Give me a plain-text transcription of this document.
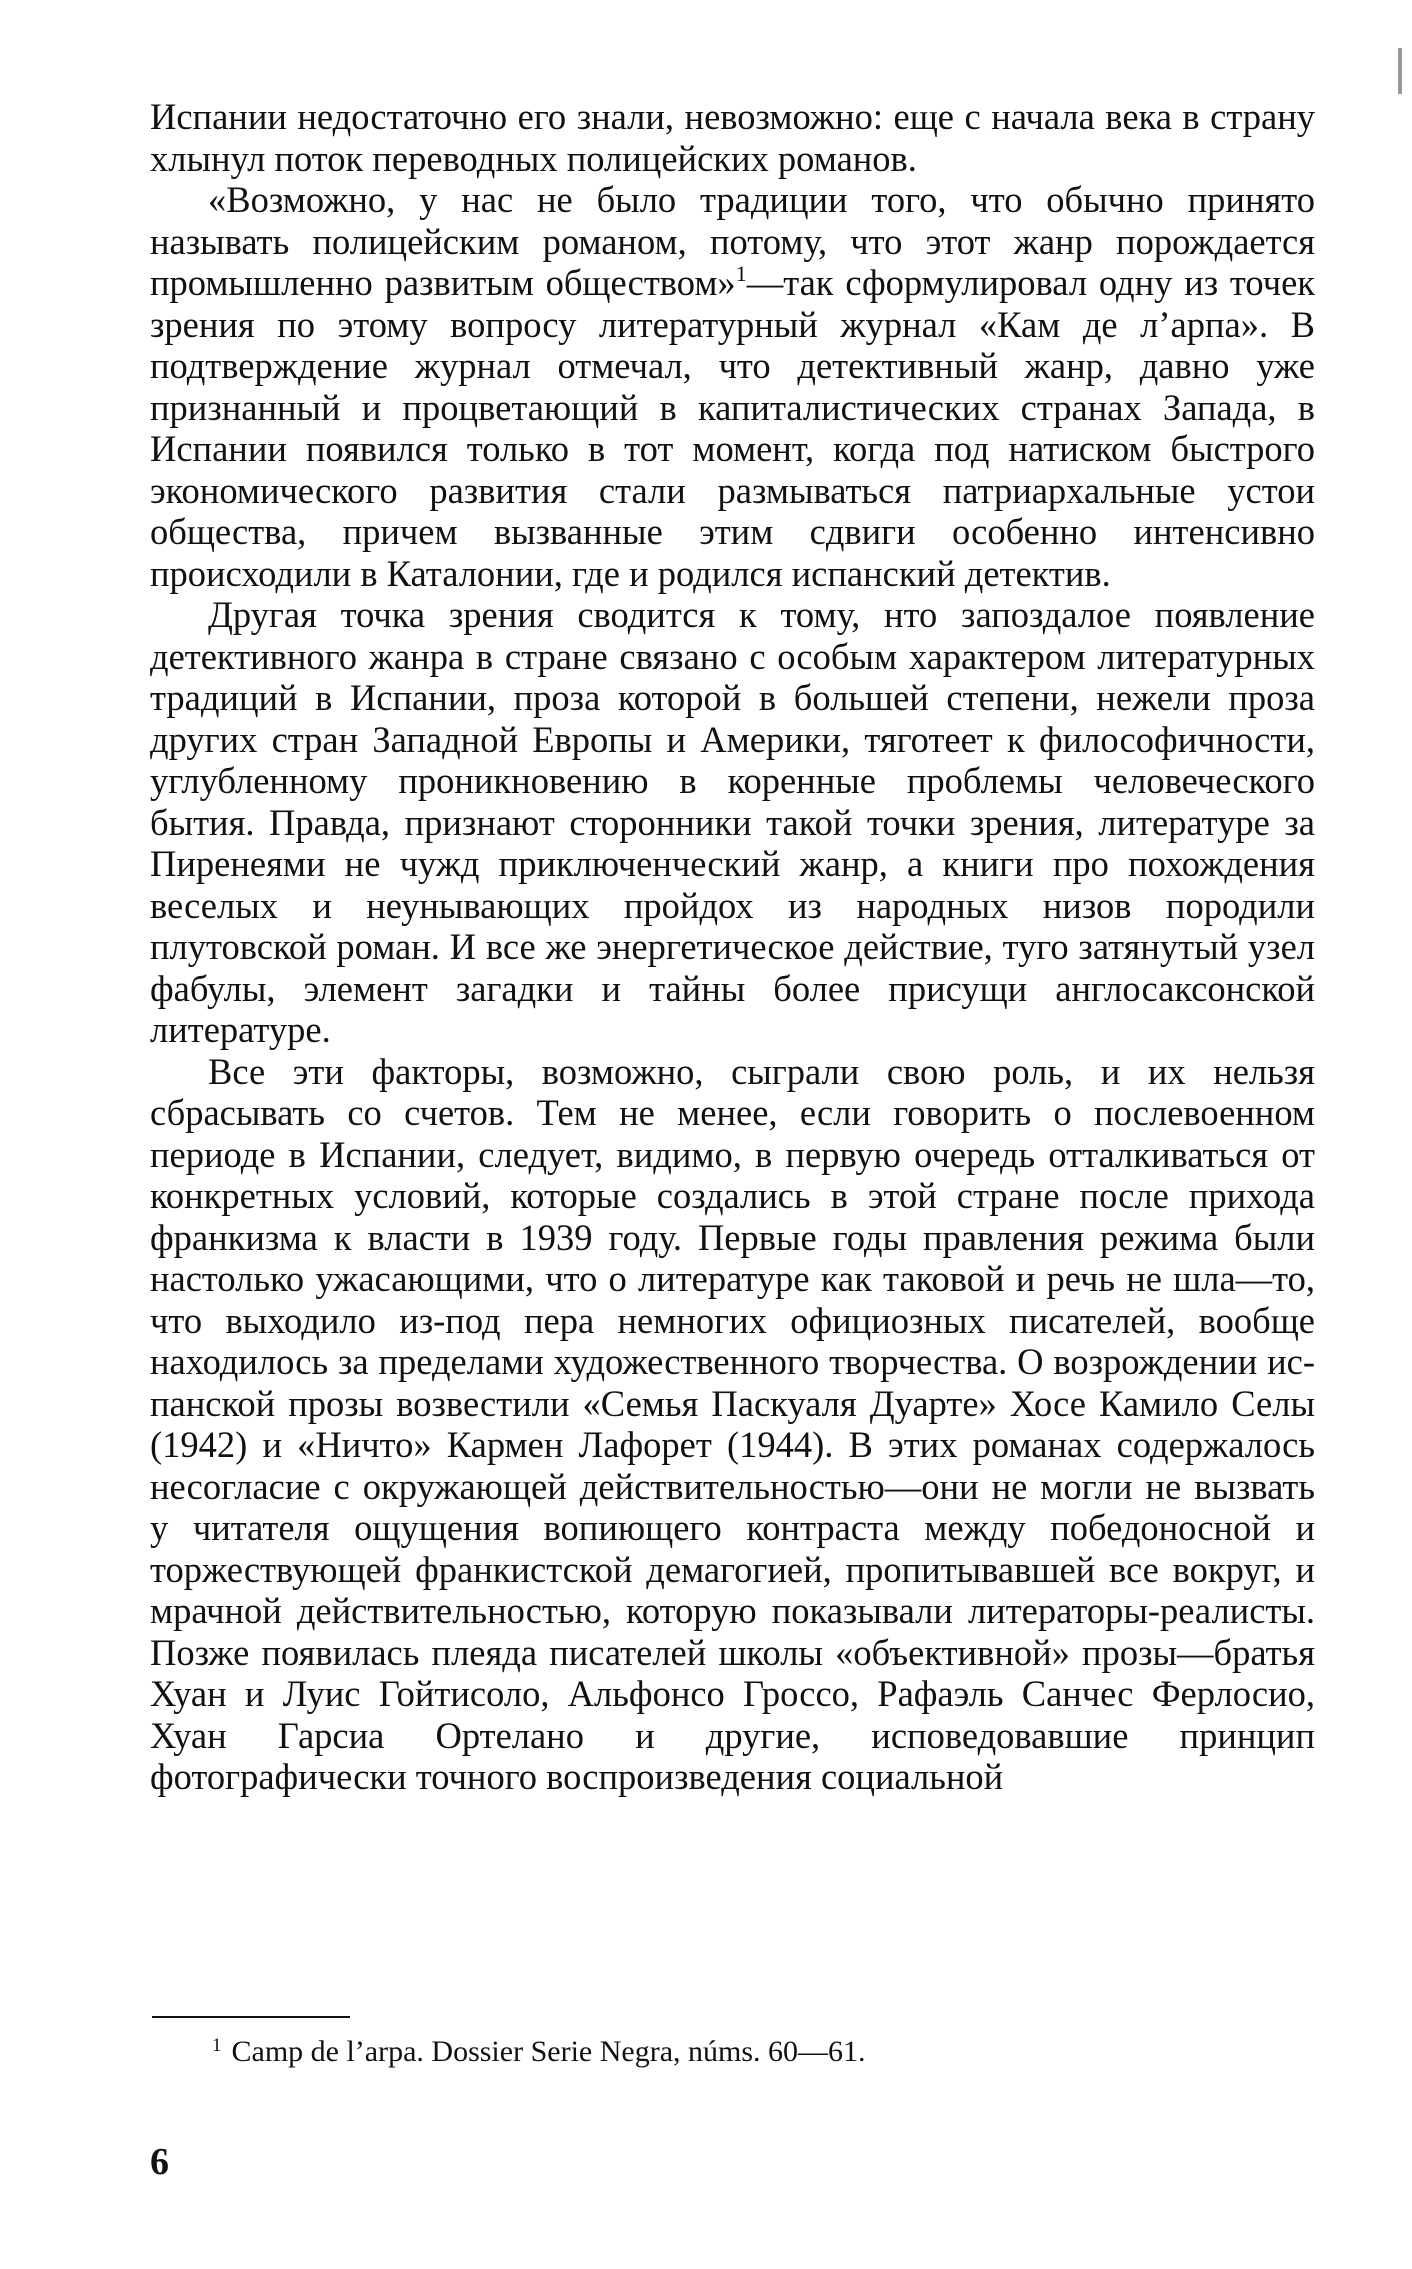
Испании недостаточно его знали, невозможно: еще с начала века в страну хлынул поток переводных полицейских романов.

«Возможно, у нас не было традиции того, что обычно принято называть полицейским романом, потому, что этот жанр порождается промышленно развитым обществом»$^1$—так сформулировал одну из точек зрения по этому вопросу литературный журнал «Кам де л’арпа». В подтверждение журнал отмечал, что детективный жанр, давно уже признанный и процветающий в капиталистических странах Запада, в Испании появился только в тот момент, когда под натиском быстрого экономического развития стали размываться патриархальные устои общества, причем вызванные этим сдвиги особенно интенсивно происходили в Каталонии, где и родился испанский детектив.

Другая точка зрения сводится к тому, нто запоздалое появление детективного жанра в стране связано с особым характером литературных традиций в Испании, проза которой в большей степени, нежели проза других стран Западной Европы и Америки, тяготеет к философичности, углубленному проникновению в коренные проблемы человеческого бытия. Правда, признают сторонники такой точки зрения, литературе за Пиренеями не чужд приключенческий жанр, а книги про похождения веселых и неунывающих пройдох из народных низов породили плутовской роман. И все же энергетическое действие, туго затянутый узел фабулы, элемент загадки и тайны более присущи англосаксонской литературе.

Все эти факторы, возможно, сыграли свою роль, и их нельзя сбрасывать со счетов. Тем не менее, если говорить о послевоенном периоде в Испании, следует, видимо, в первую очередь отталкиваться от конкретных условий, которые создались в этой стране после прихода франкизма к власти в 1939 году. Первые годы правления режима были настолько ужасающими, что о литературе как таковой и речь не шла—то, что выходило из-под пера немногих официозных писателей, вообще находилось за пределами художественного творчества. О возрождении испанской прозы возвестили «Семья Паскуаля Дуарте» Хосе Камило Селы (1942) и «Ничто» Кармен Лафорет (1944). В этих романах содержалось несогласие с окружающей действительностью—они не могли не вызвать у читателя ощущения вопиющего контраста между победоносной и торжествующей франкистской демагогией, пропитывавшей все вокруг, и мрачной действительностью, которую показывали литераторы-реалисты. Позже появилась плеяда писателей школы «объективной» прозы—братья Хуан и Луис Гойтисоло, Альфонсо Гроссо, Рафаэль Санчес Ферлосио, Хуан Гарсиа Ортелано и другие, исповедовавшие принцип фотографически точного воспроизведения социальной

$^1$ Camp de l’arpa. Dossier Serie Negra, núms. 60—61.
6
